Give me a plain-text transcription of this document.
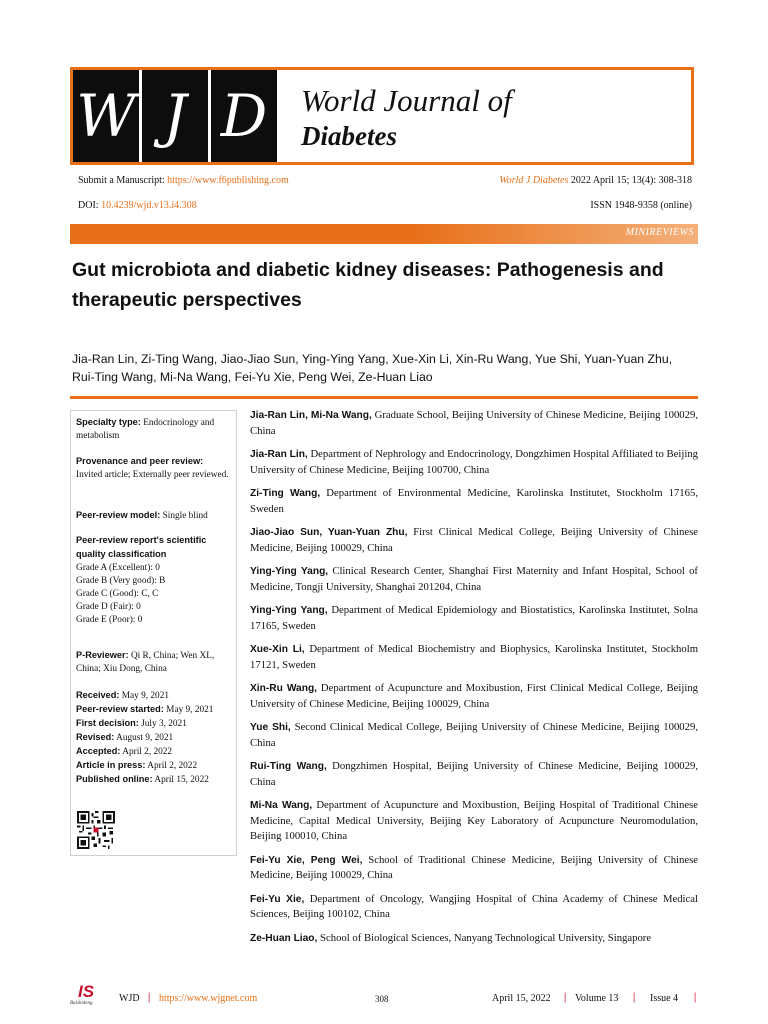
W J D	World Journal of
Diabetes
Submit a Manuscript: https://www.f6publishing.com	World J Diabetes 2022 April 15; 13(4): 308-318
DOI: 10.4239/wjd.v13.i4.308	ISSN 1948-9358 (online)
MINIREVIEWS
Gut microbiota and diabetic kidney diseases: Pathogenesis and therapeutic perspectives
Jia-Ran Lin, Zi-Ting Wang, Jiao-Jiao Sun, Ying-Ying Yang, Xue-Xin Li, Xin-Ru Wang, Yue Shi, Yuan-Yuan Zhu, Rui-Ting Wang, Mi-Na Wang, Fei-Yu Xie, Peng Wei, Ze-Huan Liao
Specialty type: Endocrinology and metabolism
Provenance and peer review:
Invited article; Externally peer reviewed.
Peer-review model: Single blind
Peer-review report's scientific quality classification
Grade A (Excellent): 0
Grade B (Very good): B
Grade C (Good): C, C
Grade D (Fair): 0
Grade E (Poor): 0
P-Reviewer: Qi R, China; Wen XL, China; Xiu Dong, China
Received: May 9, 2021
Peer-review started: May 9, 2021
First decision: July 3, 2021
Revised: August 9, 2021
Accepted: April 2, 2022
Article in press: April 2, 2022
Published online: April 15, 2022
Jia-Ran Lin, Mi-Na Wang, Graduate School, Beijing University of Chinese Medicine, Beijing 100029, China
Jia-Ran Lin, Department of Nephrology and Endocrinology, Dongzhimen Hospital Affiliated to Beijing University of Chinese Medicine, Beijing 100700, China
Zi-Ting Wang, Department of Environmental Medicine, Karolinska Institutet, Stockholm 17165, Sweden
Jiao-Jiao Sun, Yuan-Yuan Zhu, First Clinical Medical College, Beijing University of Chinese Medicine, Beijing 100029, China
Ying-Ying Yang, Clinical Research Center, Shanghai First Maternity and Infant Hospital, School of Medicine, Tongji University, Shanghai 201204, China
Ying-Ying Yang, Department of Medical Epidemiology and Biostatistics, Karolinska Institutet, Solna 17165, Sweden
Xue-Xin Li, Department of Medical Biochemistry and Biophysics, Karolinska Institutet, Stockholm 17121, Sweden
Xin-Ru Wang, Department of Acupuncture and Moxibustion, First Clinical Medical College, Beijing University of Chinese Medicine, Beijing 100029, China
Yue Shi, Second Clinical Medical College, Beijing University of Chinese Medicine, Beijing 100029, China
Rui-Ting Wang, Dongzhimen Hospital, Beijing University of Chinese Medicine, Beijing 100029, China
Mi-Na Wang, Department of Acupuncture and Moxibustion, Beijing Hospital of Traditional Chinese Medicine, Capital Medical University, Beijing Key Laboratory of Acupuncture Neuromodulation, Beijing 100010, China
Fei-Yu Xie, Peng Wei, School of Traditional Chinese Medicine, Beijing University of Chinese Medicine, Beijing 100029, China
Fei-Yu Xie, Department of Oncology, Wangjing Hospital of China Academy of Chinese Medical Sciences, Beijing 100102, China
Ze-Huan Liao, School of Biological Sciences, Nanyang Technological University, Singapore
IS
Baishideng	WJD | https://www.wjgnet.com	308	April 15, 2022 | Volume 13 | Issue 4 |
